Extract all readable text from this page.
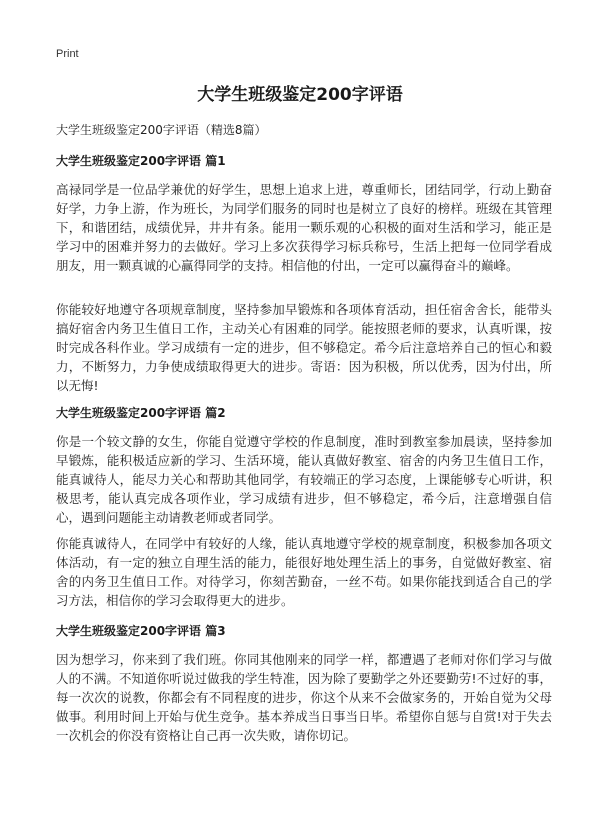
Print
大学生班级鉴定200字评语

大学生班级鉴定200字评语（精选8篇）

大学生班级鉴定200字评语 篇1

高禄同学是一位品学兼优的好学生，思想上追求上进，尊重师长，团结同学，行动上勤奋好学，力争上游，作为班长，为同学们服务的同时也是树立了良好的榜样。班级在其管理下，和谐团结，成绩优异，井井有条。能用一颗乐观的心积极的面对生活和学习，能正是学习中的困难并努力的去做好。学习上多次获得学习标兵称号，生活上把每一位同学看成朋友，用一颗真诚的心赢得同学的支持。相信他的付出，一定可以赢得奋斗的巅峰。

你能较好地遵守各项规章制度，坚持参加早锻炼和各项体育活动，担任宿舍舍长，能带头搞好宿舍内务卫生值日工作，主动关心有困难的同学。能按照老师的要求，认真听课，按时完成各科作业。学习成绩有一定的进步，但不够稳定。希今后注意培养自己的恒心和毅力，不断努力，力争使成绩取得更大的进步。寄语：因为积极，所以优秀，因为付出，所以无悔!

大学生班级鉴定200字评语 篇2

你是一个较文静的女生，你能自觉遵守学校的作息制度，准时到教室参加晨读，坚持参加早锻炼，能积极适应新的学习、生活环境，能认真做好教室、宿舍的内务卫生值日工作，能真诚待人，能尽力关心和帮助其他同学，有较端正的学习态度，上课能够专心听讲，积极思考，能认真完成各项作业，学习成绩有进步，但不够稳定，希今后，注意增强自信心，遇到问题能主动请教老师或者同学。

你能真诚待人，在同学中有较好的人缘，能认真地遵守学校的规章制度，积极参加各项文体活动，有一定的独立自理生活的能力，能很好地处理生活上的事务，自觉做好教室、宿舍的内务卫生值日工作。对待学习，你刻苦勤奋，一丝不苟。如果你能找到适合自己的学习方法，相信你的学习会取得更大的进步。

大学生班级鉴定200字评语 篇3

因为想学习，你来到了我们班。你同其他刚来的同学一样，都遭遇了老师对你们学习与做人的不满。不知道你听说过做我的学生特准，因为除了要勤学之外还要勤劳!不过好的事，每一次次的说教，你都会有不同程度的进步，你这个从来不会做家务的，开始自觉为父母做事。利用时间上开始与优生竞争。基本养成当日事当日毕。希望你自惩与自赏!对于失去一次机会的你没有资格让自己再一次失败，请你切记。
